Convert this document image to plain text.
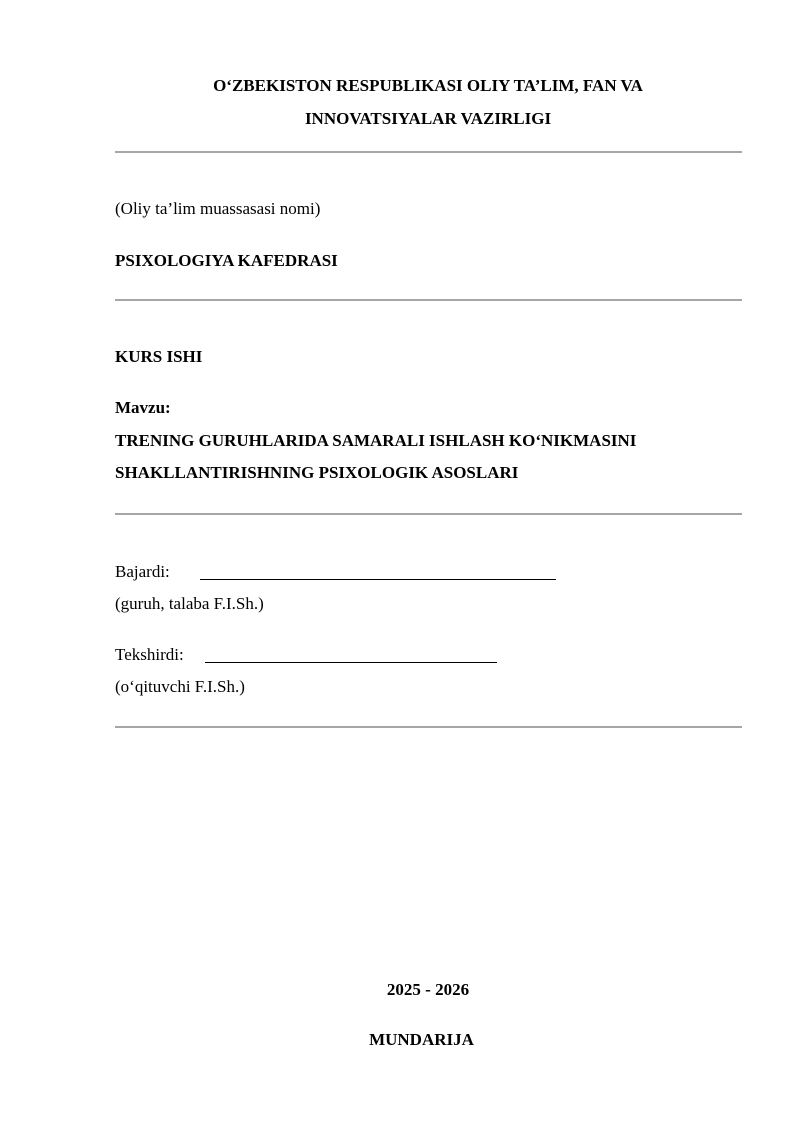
O‘ZBEKISTON RESPUBLIKASI OLIY TA’LIM, FAN VA
INNOVATSIYALAR VAZIRLIGI
(Oliy ta’lim muassasasi nomi)
PSIXOLOGIYA KAFEDRASI
KURS ISHI
Mavzu:
TRENING GURUHLARIDA SAMARALI ISHLASH KO‘NIKMASINI
SHAKLLANTIRISHNING PSIXOLOGIK ASOSLARI
Bajardi:
(guruh, talaba F.I.Sh.)
Tekshirdi:
(o‘qituvchi F.I.Sh.)
2025 - 2026
MUNDARIJA
